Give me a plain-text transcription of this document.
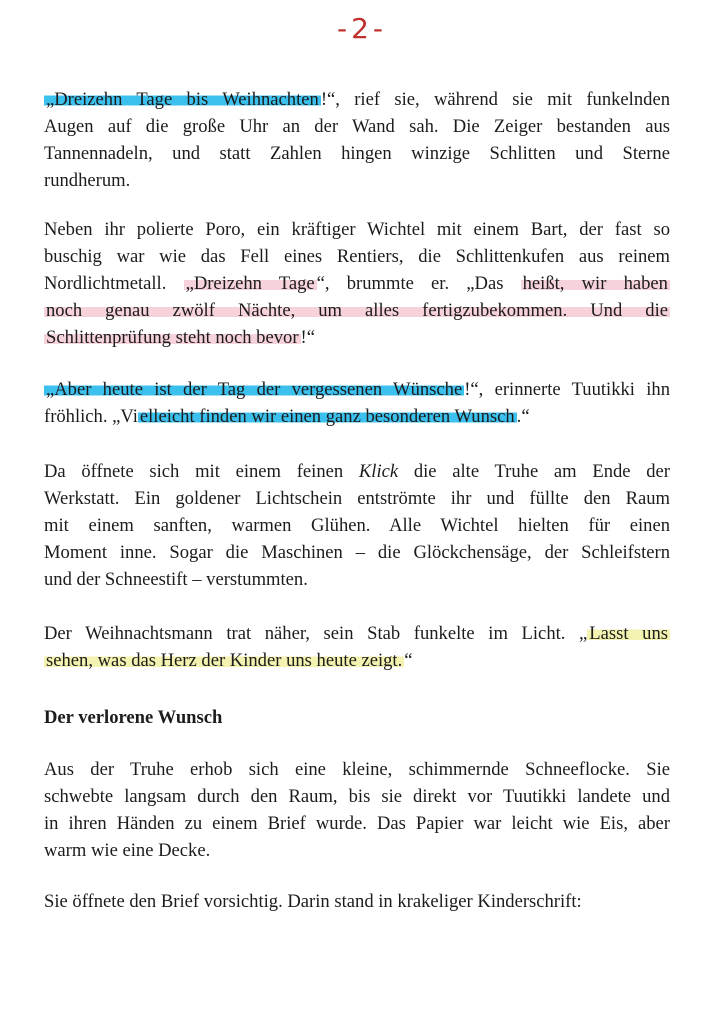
-2-
„Dreizehn Tage bis Weihnachten !“, rief sie, während sie mit funkelnden
Augen auf die große Uhr an der Wand sah. Die Zeiger bestanden aus
Tannennadeln, und statt Zahlen hingen winzige Schlitten und Sterne
rundherum.
Neben ihr polierte Poro, ein kräftiger Wichtel mit einem Bart, der fast so
buschig war wie das Fell eines Rentiers, die Schlittenkufen aus reinem
Nordlichtmetall. „Dreizehn Tage “, brummte er. „Das heißt, wir haben
noch genau zwölf Nächte, um alles fertigzubekommen. Und die
Schlittenprüfung steht noch bevor !“
„Aber heute ist der Tag der vergessenen Wünsche !“, erinnerte Tuutikki ihn
fröhlich. „Vi elleicht finden wir einen ganz besonderen Wunsch .“
Da öffnete sich mit einem feinen Klick die alte Truhe am Ende der
Werkstatt. Ein goldener Lichtschein entströmte ihr und füllte den Raum
mit einem sanften, warmen Glühen. Alle Wichtel hielten für einen
Moment inne. Sogar die Maschinen – die Glöckchensäge, der Schleifstern
und der Schneestift – verstummten.
Der Weihnachtsmann trat näher, sein Stab funkelte im Licht. „ Lasst uns
sehen, was das Herz der Kinder uns heute zeigt. “
Der verlorene Wunsch
Aus der Truhe erhob sich eine kleine, schimmernde Schneeflocke. Sie
schwebte langsam durch den Raum, bis sie direkt vor Tuutikki landete und
in ihren Händen zu einem Brief wurde. Das Papier war leicht wie Eis, aber
warm wie eine Decke.
Sie öffnete den Brief vorsichtig. Darin stand in krakeliger Kinderschrift:
